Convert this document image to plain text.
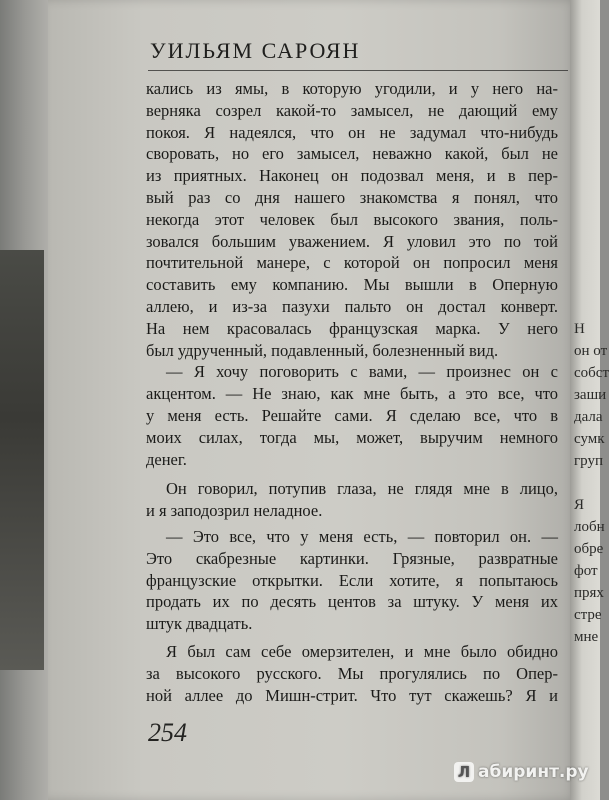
Н
он от
собст
заши
дала
сумк
груп
Я
лобн
обре
фот
прях
стре
мне
УИЛЬЯМ САРОЯН
кались из ямы, в которую угодили, и у него на-
верняка созрел какой-то замысел, не дающий ему
покоя. Я надеялся, что он не задумал что-нибудь
своровать, но его замысел, неважно какой, был не
из приятных. Наконец он подозвал меня, и в пер-
вый раз со дня нашего знакомства я понял, что
некогда этот человек был высокого звания, поль-
зовался большим уважением. Я уловил это по той
почтительной манере, с которой он попросил меня
составить ему компанию. Мы вышли в Оперную
аллею, и из-за пазухи пальто он достал конверт.
На нем красовалась французская марка. У него
был удрученный, подавленный, болезненный вид.
— Я хочу поговорить с вами, — произнес он с
акцентом. — Не знаю, как мне быть, а это все, что
у меня есть. Решайте сами. Я сделаю все, что в
моих силах, тогда мы, может, выручим немного
денег.
Он говорил, потупив глаза, не глядя мне в лицо,
и я заподозрил неладное.
— Это все, что у меня есть, — повторил он. —
Это скабрезные картинки. Грязные, развратные
французские открытки. Если хотите, я попытаюсь
продать их по десять центов за штуку. У меня их
штук двадцать.
Я был сам себе омерзителен, и мне было обидно
за высокого русского. Мы прогулялись по Опер-
ной аллее до Мишн-стрит. Что тут скажешь? Я и
254
Л абиринт.ру
